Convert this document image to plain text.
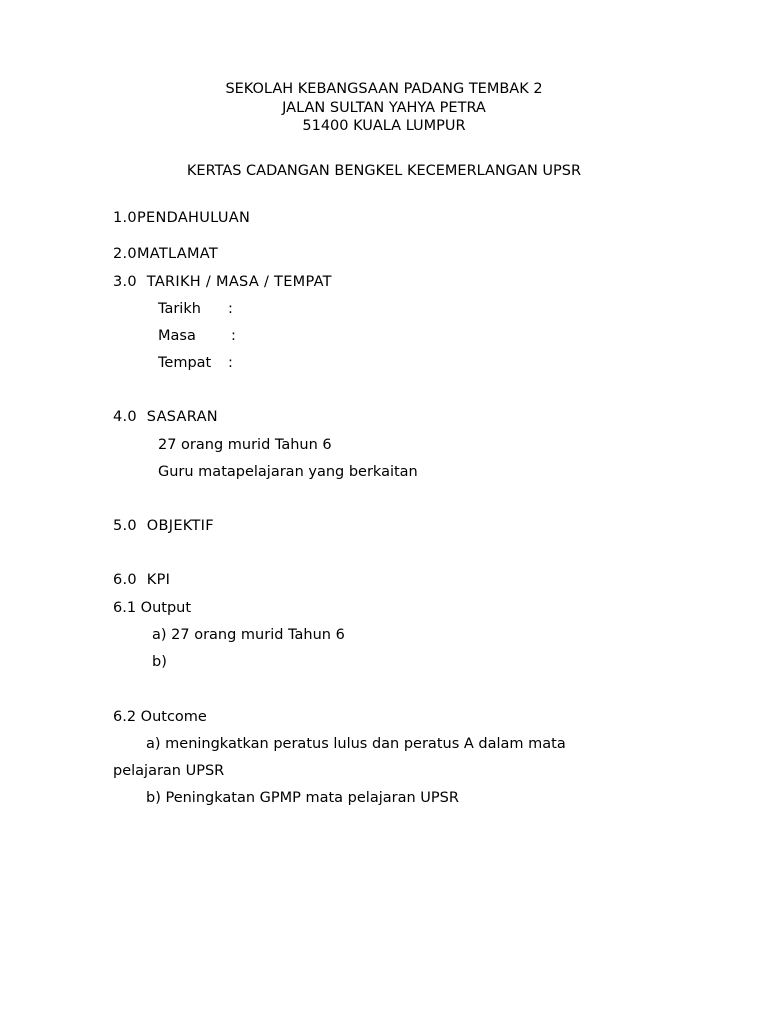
SEKOLAH KEBANGSAAN PADANG TEMBAK 2
JALAN SULTAN YAHYA PETRA
51400 KUALA LUMPUR
KERTAS CADANGAN BENGKEL KECEMERLANGAN UPSR
1.0PENDAHULUAN
2.0MATLAMAT
3.0 TARIKH / MASA / TEMPAT
Tarikh :
Masa :
Tempat :
4.0 SASARAN
27 orang murid Tahun 6
Guru matapelajaran yang berkaitan
5.0 OBJEKTIF
6.0 KPI
6.1 Output
a) 27 orang murid Tahun 6
b)
6.2 Outcome
a) meningkatkan peratus lulus dan peratus A dalam mata
pelajaran UPSR
b) Peningkatan GPMP mata pelajaran UPSR
